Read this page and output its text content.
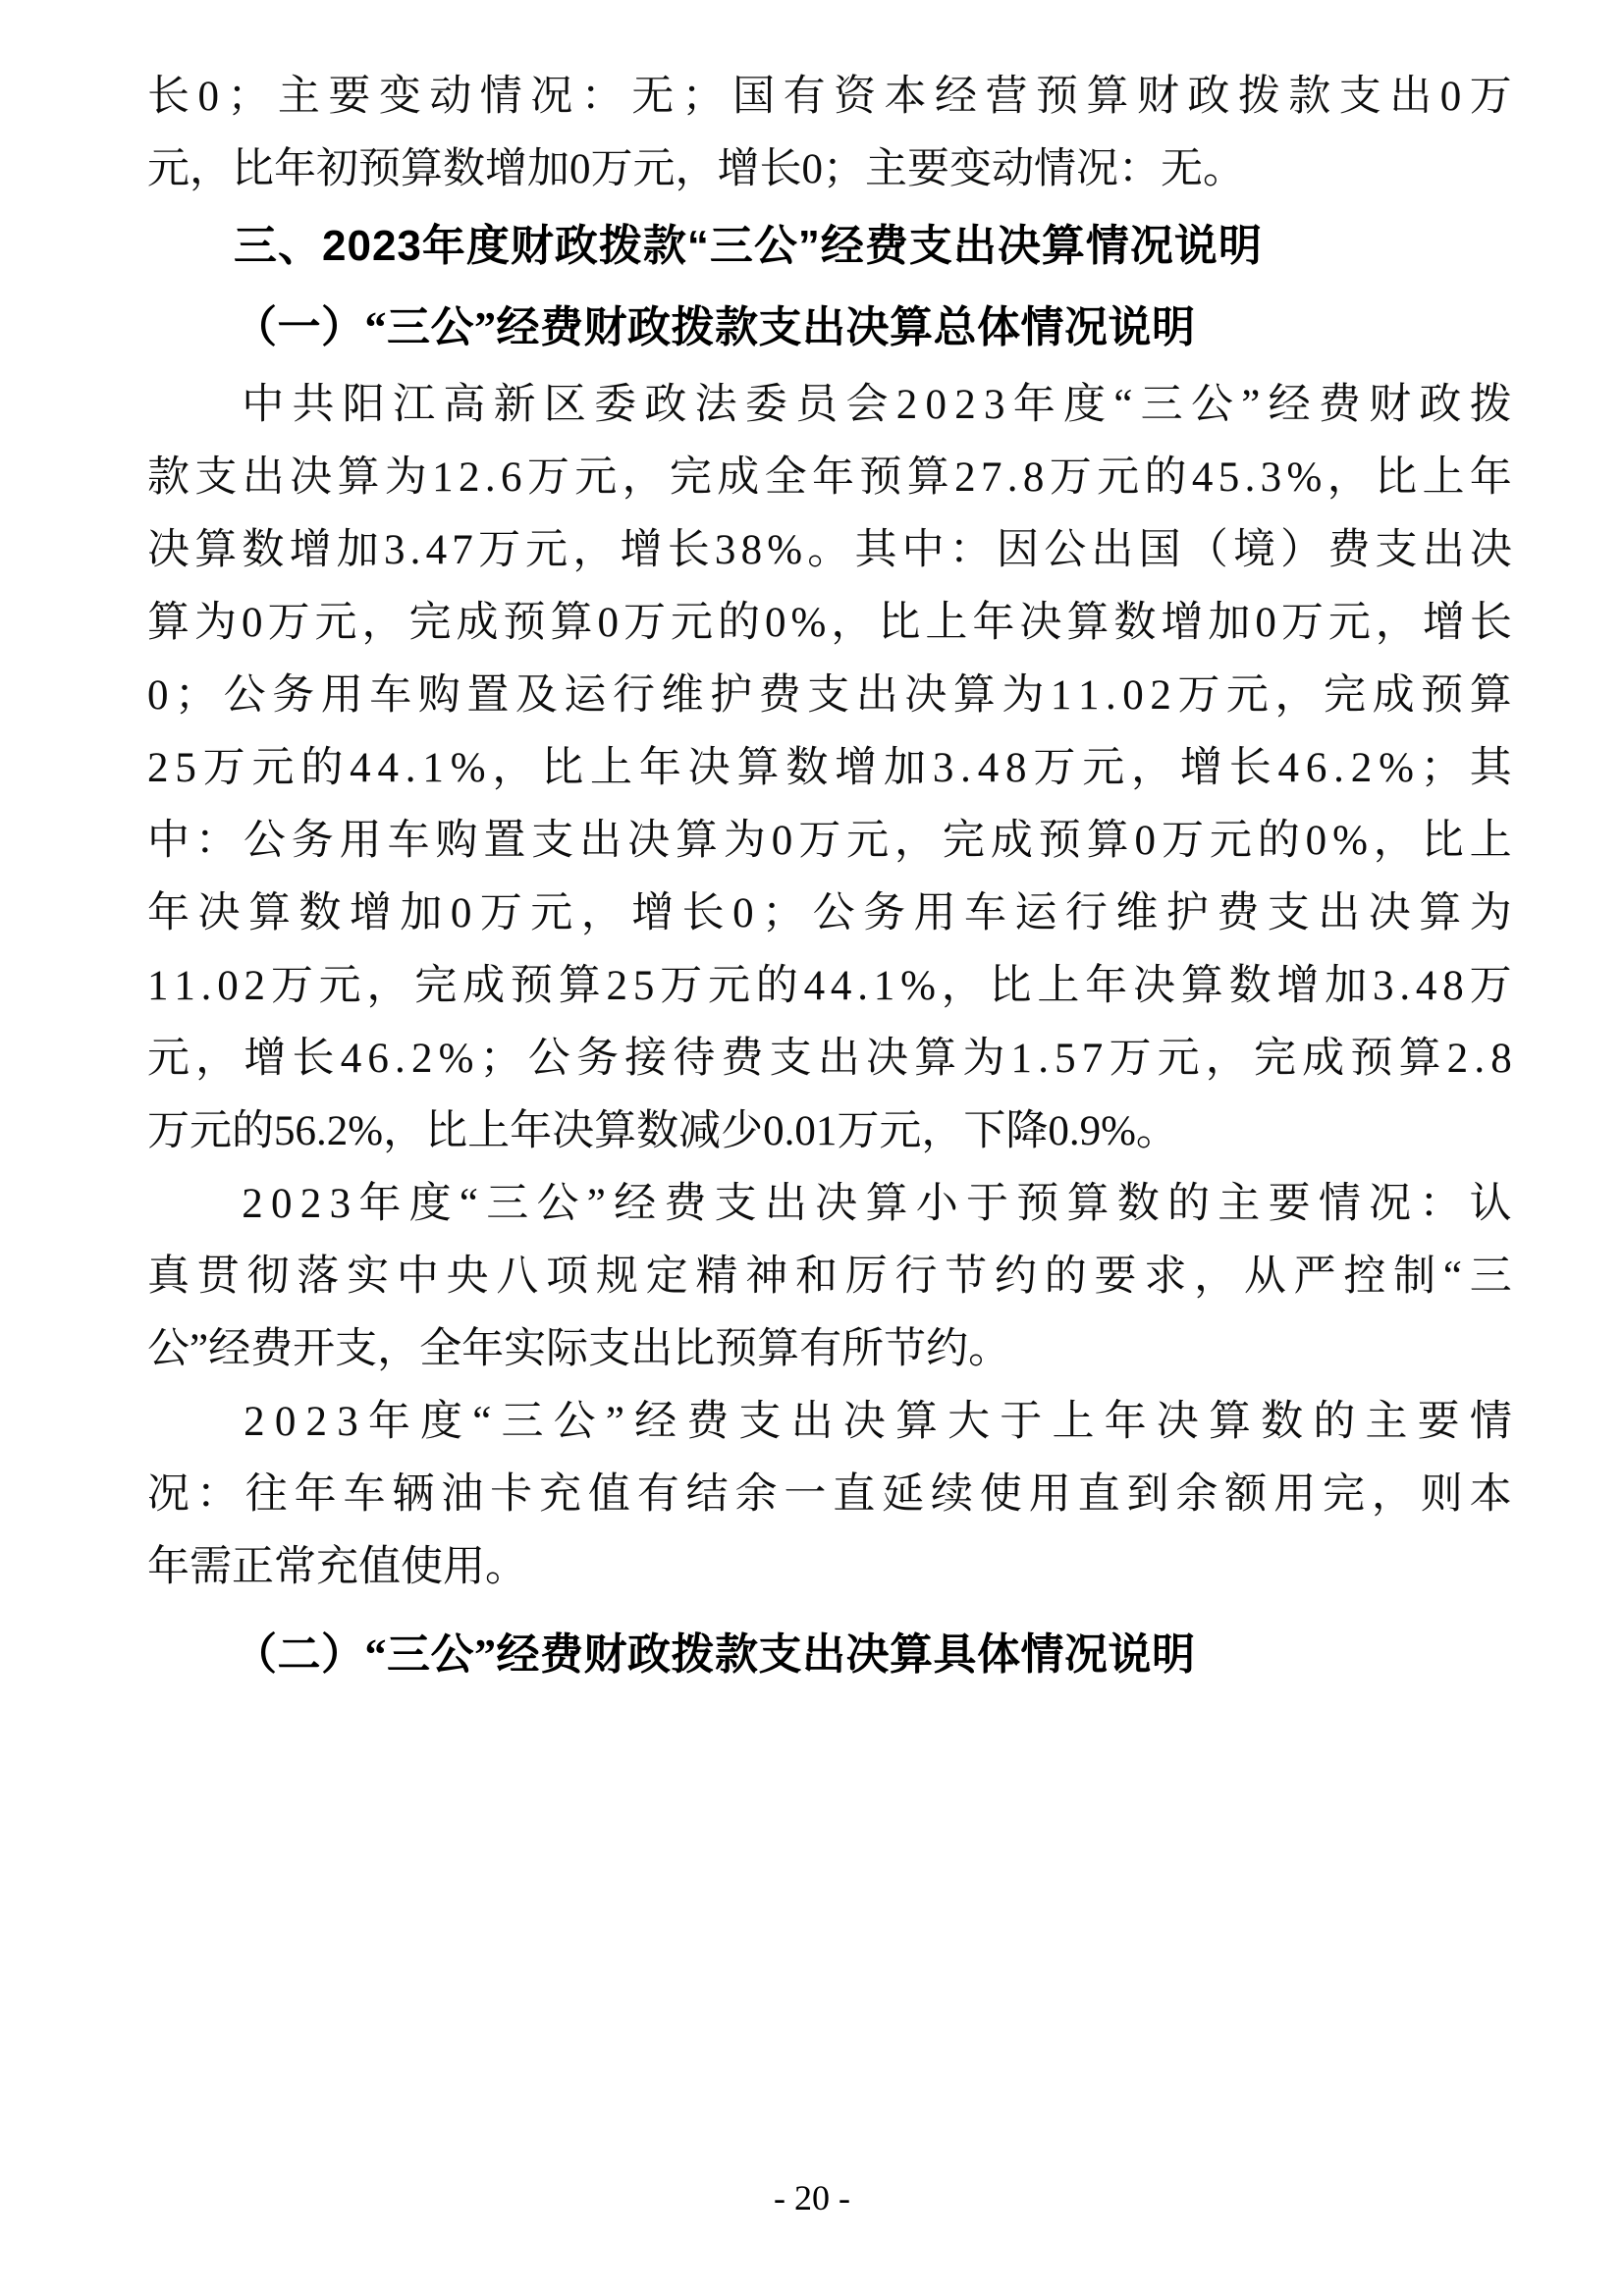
长 0 ； 主 要 变 动 情 况 ： 无 ； 国 有 资 本 经 营 预 算 财 政 拨 款 支 出 0 万
元，比年初预算数增加0万元，增长0；主要变动情况：无。
三、2023年度财政拨款“三公”经费支出决算情况说明
（一）“三公”经费财政拨款支出决算总体情况说明
中 共 阳 江 高 新 区 委 政 法 委 员 会 2 0 2 3 年 度 “ 三 公 ” 经 费 财 政 拨
款 支 出 决 算 为 1 2 . 6 万 元 ， 完 成 全 年 预 算 2 7 . 8 万 元 的 4 5 . 3 % ， 比 上 年
决 算 数 增 加 3 . 4 7 万 元 ， 增 长 3 8 % 。 其 中 ： 因 公 出 国 （ 境 ） 费 支 出 决
算 为 0 万 元 ， 完 成 预 算 0 万 元 的 0 % ， 比 上 年 决 算 数 增 加 0 万 元 ， 增 长
0 ； 公 务 用 车 购 置 及 运 行 维 护 费 支 出 决 算 为 1 1 . 0 2 万 元 ， 完 成 预 算
2 5 万 元 的 4 4 . 1 % ， 比 上 年 决 算 数 增 加 3 . 4 8 万 元 ， 增 长 4 6 . 2 % ； 其
中 ： 公 务 用 车 购 置 支 出 决 算 为 0 万 元 ， 完 成 预 算 0 万 元 的 0 % ， 比 上
年 决 算 数 增 加 0 万 元 ， 增 长 0 ； 公 务 用 车 运 行 维 护 费 支 出 决 算 为
1 1 . 0 2 万 元 ， 完 成 预 算 2 5 万 元 的 4 4 . 1 % ， 比 上 年 决 算 数 增 加 3 . 4 8 万
元 ， 增 长 4 6 . 2 % ； 公 务 接 待 费 支 出 决 算 为 1 . 5 7 万 元 ， 完 成 预 算 2 . 8
万元的56.2%，比上年决算数减少0.01万元，下降0.9%。
2 0 2 3 年 度 “ 三 公 ” 经 费 支 出 决 算 小 于 预 算 数 的 主 要 情 况 ： 认
真 贯 彻 落 实 中 央 八 项 规 定 精 神 和 厉 行 节 约 的 要 求 ， 从 严 控 制 “ 三
公”经费开支，全年实际支出比预算有所节约。
2 0 2 3 年 度 “ 三 公 ” 经 费 支 出 决 算 大 于 上 年 决 算 数 的 主 要 情
况 ： 往 年 车 辆 油 卡 充 值 有 结 余 一 直 延 续 使 用 直 到 余 额 用 完 ， 则 本
年需正常充值使用。
（二）“三公”经费财政拨款支出决算具体情况说明
- 20 -
